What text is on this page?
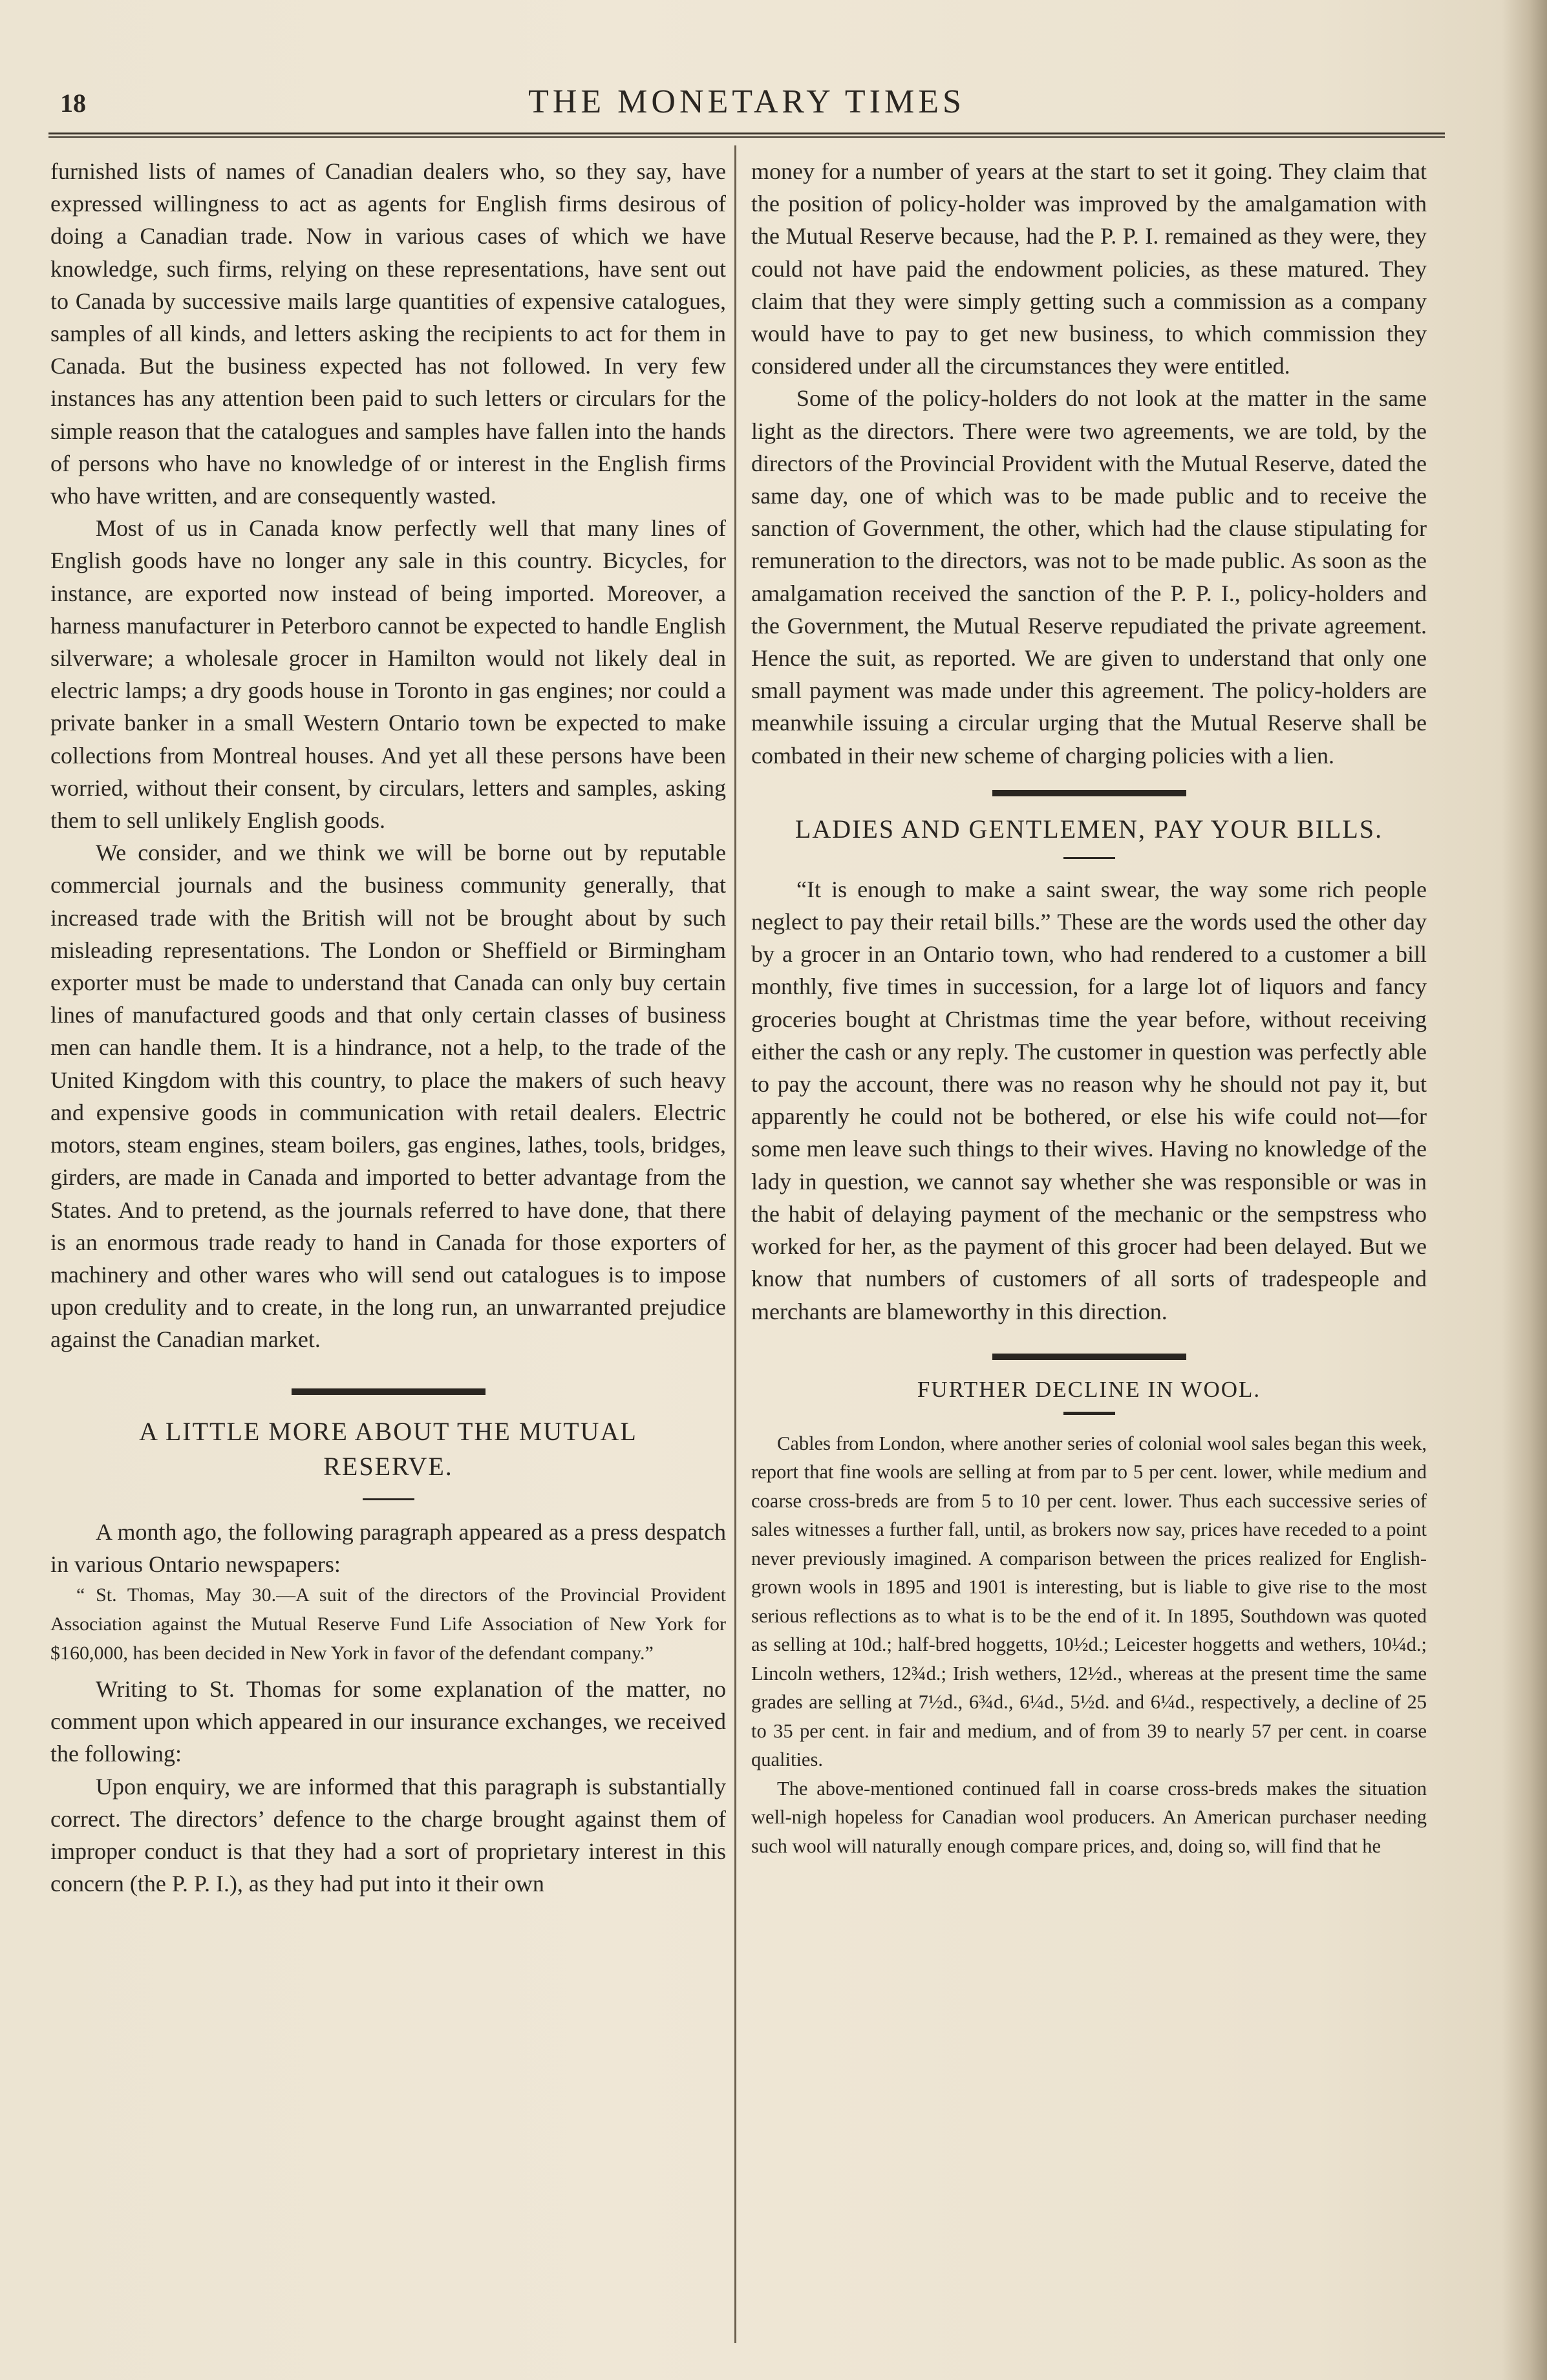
18	THE MONETARY TIMES

furnished lists of names of Canadian dealers who, so they say, have expressed willingness to act as agents for English firms desirous of doing a Canadian trade. Now in various cases of which we have knowledge, such firms, relying on these representations, have sent out to Canada by successive mails large quantities of expensive catalogues, samples of all kinds, and letters asking the recipients to act for them in Canada. But the business expected has not followed. In very few instances has any attention been paid to such letters or circulars for the simple reason that the catalogues and samples have fallen into the hands of persons who have no knowledge of or interest in the English firms who have written, and are consequently wasted.

Most of us in Canada know perfectly well that many lines of English goods have no longer any sale in this country. Bicycles, for instance, are exported now instead of being imported. Moreover, a harness manufacturer in Peterboro cannot be expected to handle English silverware; a wholesale grocer in Hamilton would not likely deal in electric lamps; a dry goods house in Toronto in gas engines; nor could a private banker in a small Western Ontario town be expected to make collections from Montreal houses. And yet all these persons have been worried, without their consent, by circulars, letters and samples, asking them to sell unlikely English goods.

We consider, and we think we will be borne out by reputable commercial journals and the business community generally, that increased trade with the British will not be brought about by such misleading representations. The London or Sheffield or Birmingham exporter must be made to understand that Canada can only buy certain lines of manufactured goods and that only certain classes of business men can handle them. It is a hindrance, not a help, to the trade of the United Kingdom with this country, to place the makers of such heavy and expensive goods in communication with retail dealers. Electric motors, steam engines, steam boilers, gas engines, lathes, tools, bridges, girders, are made in Canada and imported to better advantage from the States. And to pretend, as the journals referred to have done, that there is an enormous trade ready to hand in Canada for those exporters of machinery and other wares who will send out catalogues is to impose upon credulity and to create, in the long run, an unwarranted prejudice against the Canadian market.

A LITTLE MORE ABOUT THE MUTUAL RESERVE.

A month ago, the following paragraph appeared as a press despatch in various Ontario newspapers:

“ St. Thomas, May 30.—A suit of the directors of the Provincial Provident Association against the Mutual Reserve Fund Life Association of New York for $160,000, has been decided in New York in favor of the defendant company.”

Writing to St. Thomas for some explanation of the matter, no comment upon which appeared in our insurance exchanges, we received the following:

Upon enquiry, we are informed that this paragraph is substantially correct. The directors’ defence to the charge brought against them of improper conduct is that they had a sort of proprietary interest in this concern (the P. P. I.), as they had put into it their own

money for a number of years at the start to set it going. They claim that the position of policy-holder was improved by the amalgamation with the Mutual Reserve because, had the P. P. I. remained as they were, they could not have paid the endowment policies, as these matured. They claim that they were simply getting such a commission as a company would have to pay to get new business, to which commission they considered under all the circumstances they were entitled.

Some of the policy-holders do not look at the matter in the same light as the directors. There were two agreements, we are told, by the directors of the Provincial Provident with the Mutual Reserve, dated the same day, one of which was to be made public and to receive the sanction of Government, the other, which had the clause stipulating for remuneration to the directors, was not to be made public. As soon as the amalgamation received the sanction of the P. P. I., policy-holders and the Government, the Mutual Reserve repudiated the private agreement. Hence the suit, as reported. We are given to understand that only one small payment was made under this agreement. The policy-holders are meanwhile issuing a circular urging that the Mutual Reserve shall be combated in their new scheme of charging policies with a lien.

LADIES AND GENTLEMEN, PAY YOUR BILLS.

“It is enough to make a saint swear, the way some rich people neglect to pay their retail bills.” These are the words used the other day by a grocer in an Ontario town, who had rendered to a customer a bill monthly, five times in succession, for a large lot of liquors and fancy groceries bought at Christmas time the year before, without receiving either the cash or any reply. The customer in question was perfectly able to pay the account, there was no reason why he should not pay it, but apparently he could not be bothered, or else his wife could not—for some men leave such things to their wives. Having no knowledge of the lady in question, we cannot say whether she was responsible or was in the habit of delaying payment of the mechanic or the sempstress who worked for her, as the payment of this grocer had been delayed. But we know that numbers of customers of all sorts of tradespeople and merchants are blameworthy in this direction.

FURTHER DECLINE IN WOOL.

Cables from London, where another series of colonial wool sales began this week, report that fine wools are selling at from par to 5 per cent. lower, while medium and coarse cross-breds are from 5 to 10 per cent. lower. Thus each successive series of sales witnesses a further fall, until, as brokers now say, prices have receded to a point never previously imagined. A comparison between the prices realized for English-grown wools in 1895 and 1901 is interesting, but is liable to give rise to the most serious reflections as to what is to be the end of it. In 1895, Southdown was quoted as selling at 10d.; half-bred hoggetts, 10½d.; Leicester hoggetts and wethers, 10¼d.; Lincoln wethers, 12¾d.; Irish wethers, 12½d., whereas at the present time the same grades are selling at 7½d., 6¾d., 6¼d., 5½d. and 6¼d., respectively, a decline of 25 to 35 per cent. in fair and medium, and of from 39 to nearly 57 per cent. in coarse qualities.

The above-mentioned continued fall in coarse cross-breds makes the situation well-nigh hopeless for Canadian wool producers. An American purchaser needing such wool will naturally enough compare prices, and, doing so, will find that he
